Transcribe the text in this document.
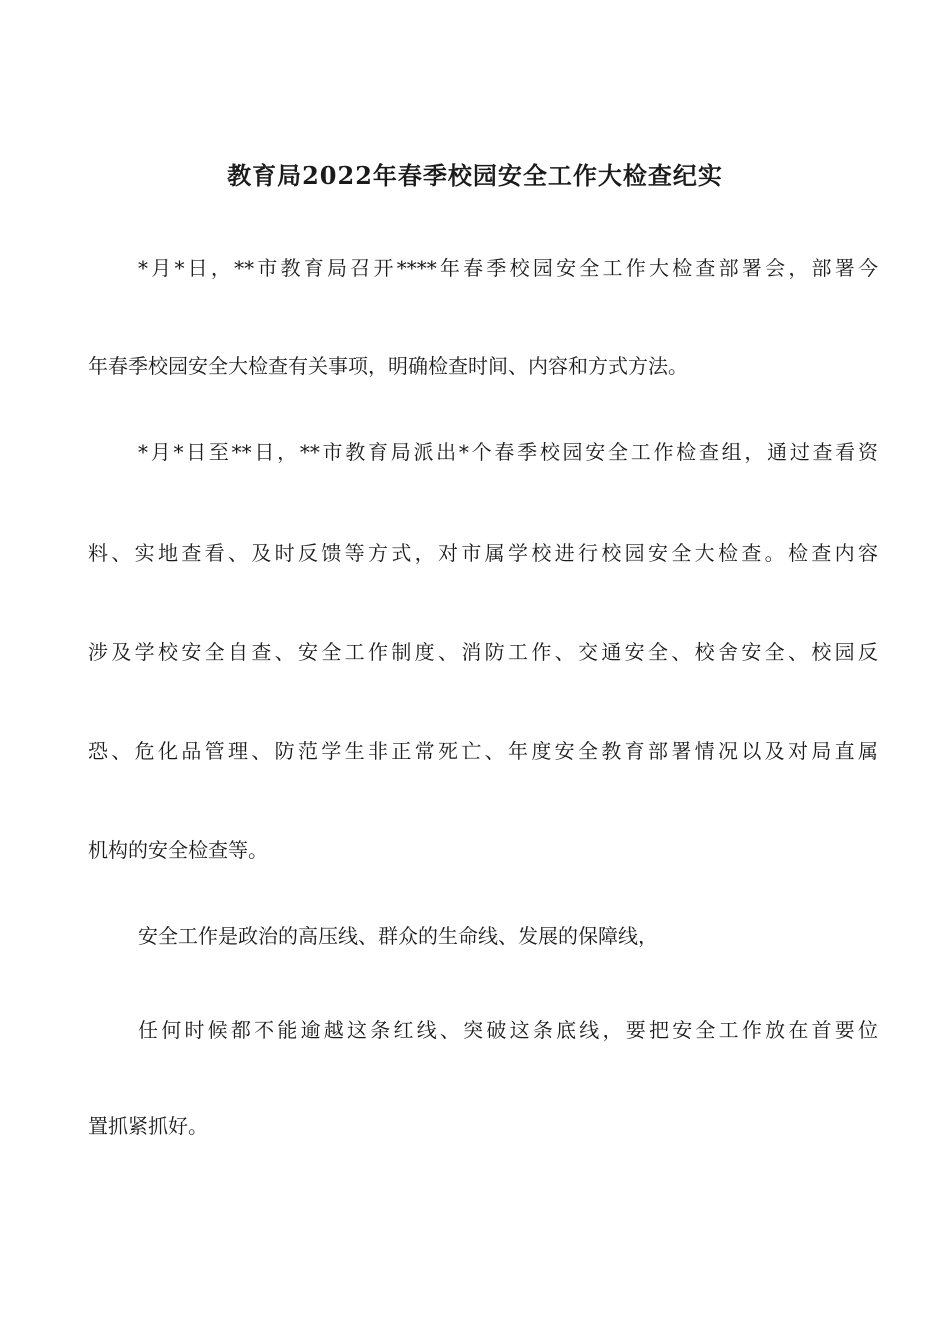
教育局2022年春季校园安全工作大检查纪实
*月*日，**市教育局召开****年春季校园安全工作大检查部署会，部署今
年春季校园安全大检查有关事项，明确检查时间、内容和方式方法。
*月*日至**日，**市教育局派出*个春季校园安全工作检查组，通过查看资
料、实地查看、及时反馈等方式，对市属学校进行校园安全大检查。检查内容
涉及学校安全自查、安全工作制度、消防工作、交通安全、校舍安全、校园反
恐、危化品管理、防范学生非正常死亡、年度安全教育部署情况以及对局直属
机构的安全检查等。
安全工作是政治的高压线、群众的生命线、发展的保障线，
任何时候都不能逾越这条红线、突破这条底线，要把安全工作放在首要位
置抓紧抓好。
